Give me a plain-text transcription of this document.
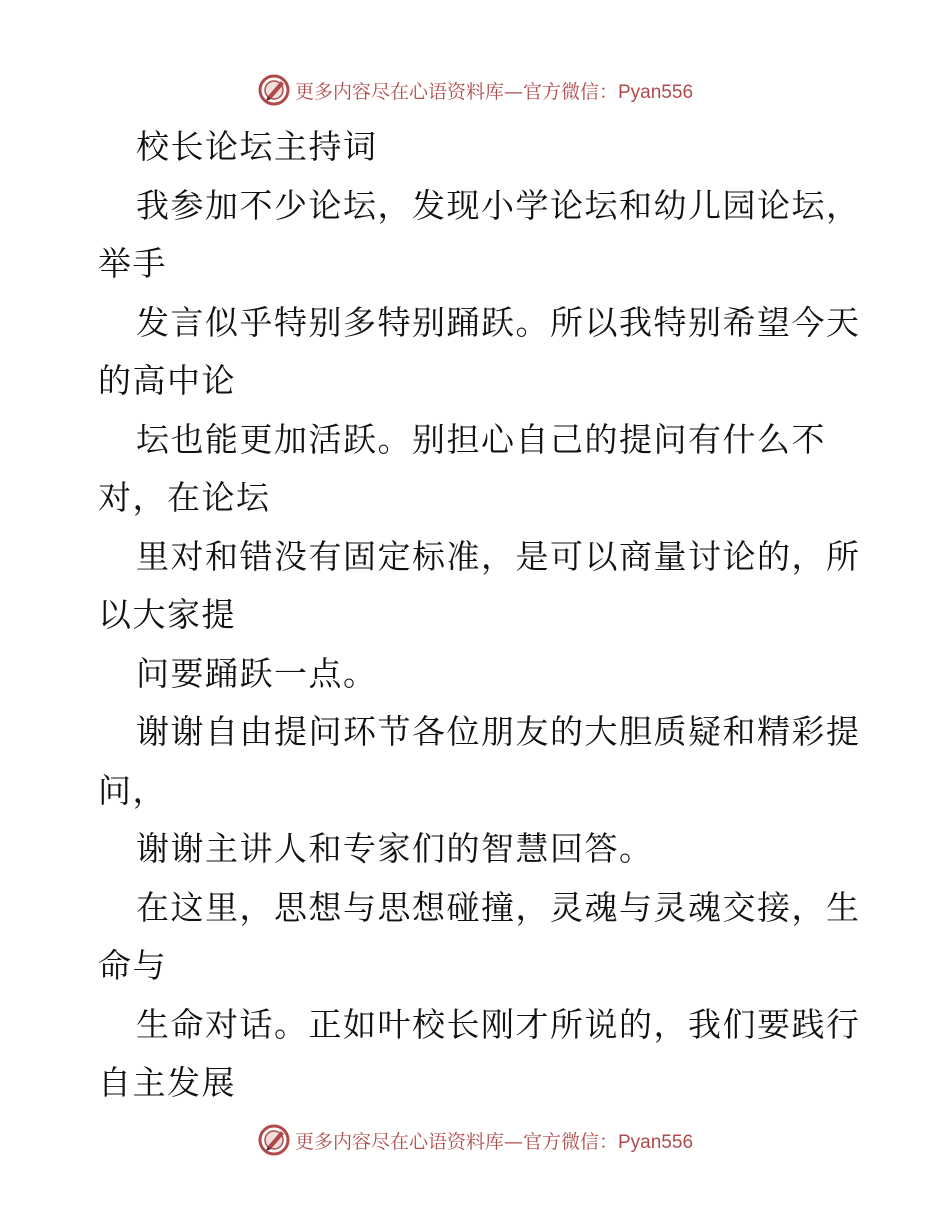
更多内容尽在心语资料库—官方微信：Pyan556
校长论坛主持词
我参加不少论坛，发现小学论坛和幼儿园论坛，
举手
发言似乎特别多特别踊跃。所以我特别希望今天
的高中论
坛也能更加活跃。别担心自己的提问有什么不
对，在论坛
里对和错没有固定标准，是可以商量讨论的，所
以大家提
问要踊跃一点。
谢谢自由提问环节各位朋友的大胆质疑和精彩提
问，
谢谢主讲人和专家们的智慧回答。
在这里，思想与思想碰撞，灵魂与灵魂交接，生
命与
生命对话。正如叶校长刚才所说的，我们要践行
自主发展
更多内容尽在心语资料库—官方微信：Pyan556
